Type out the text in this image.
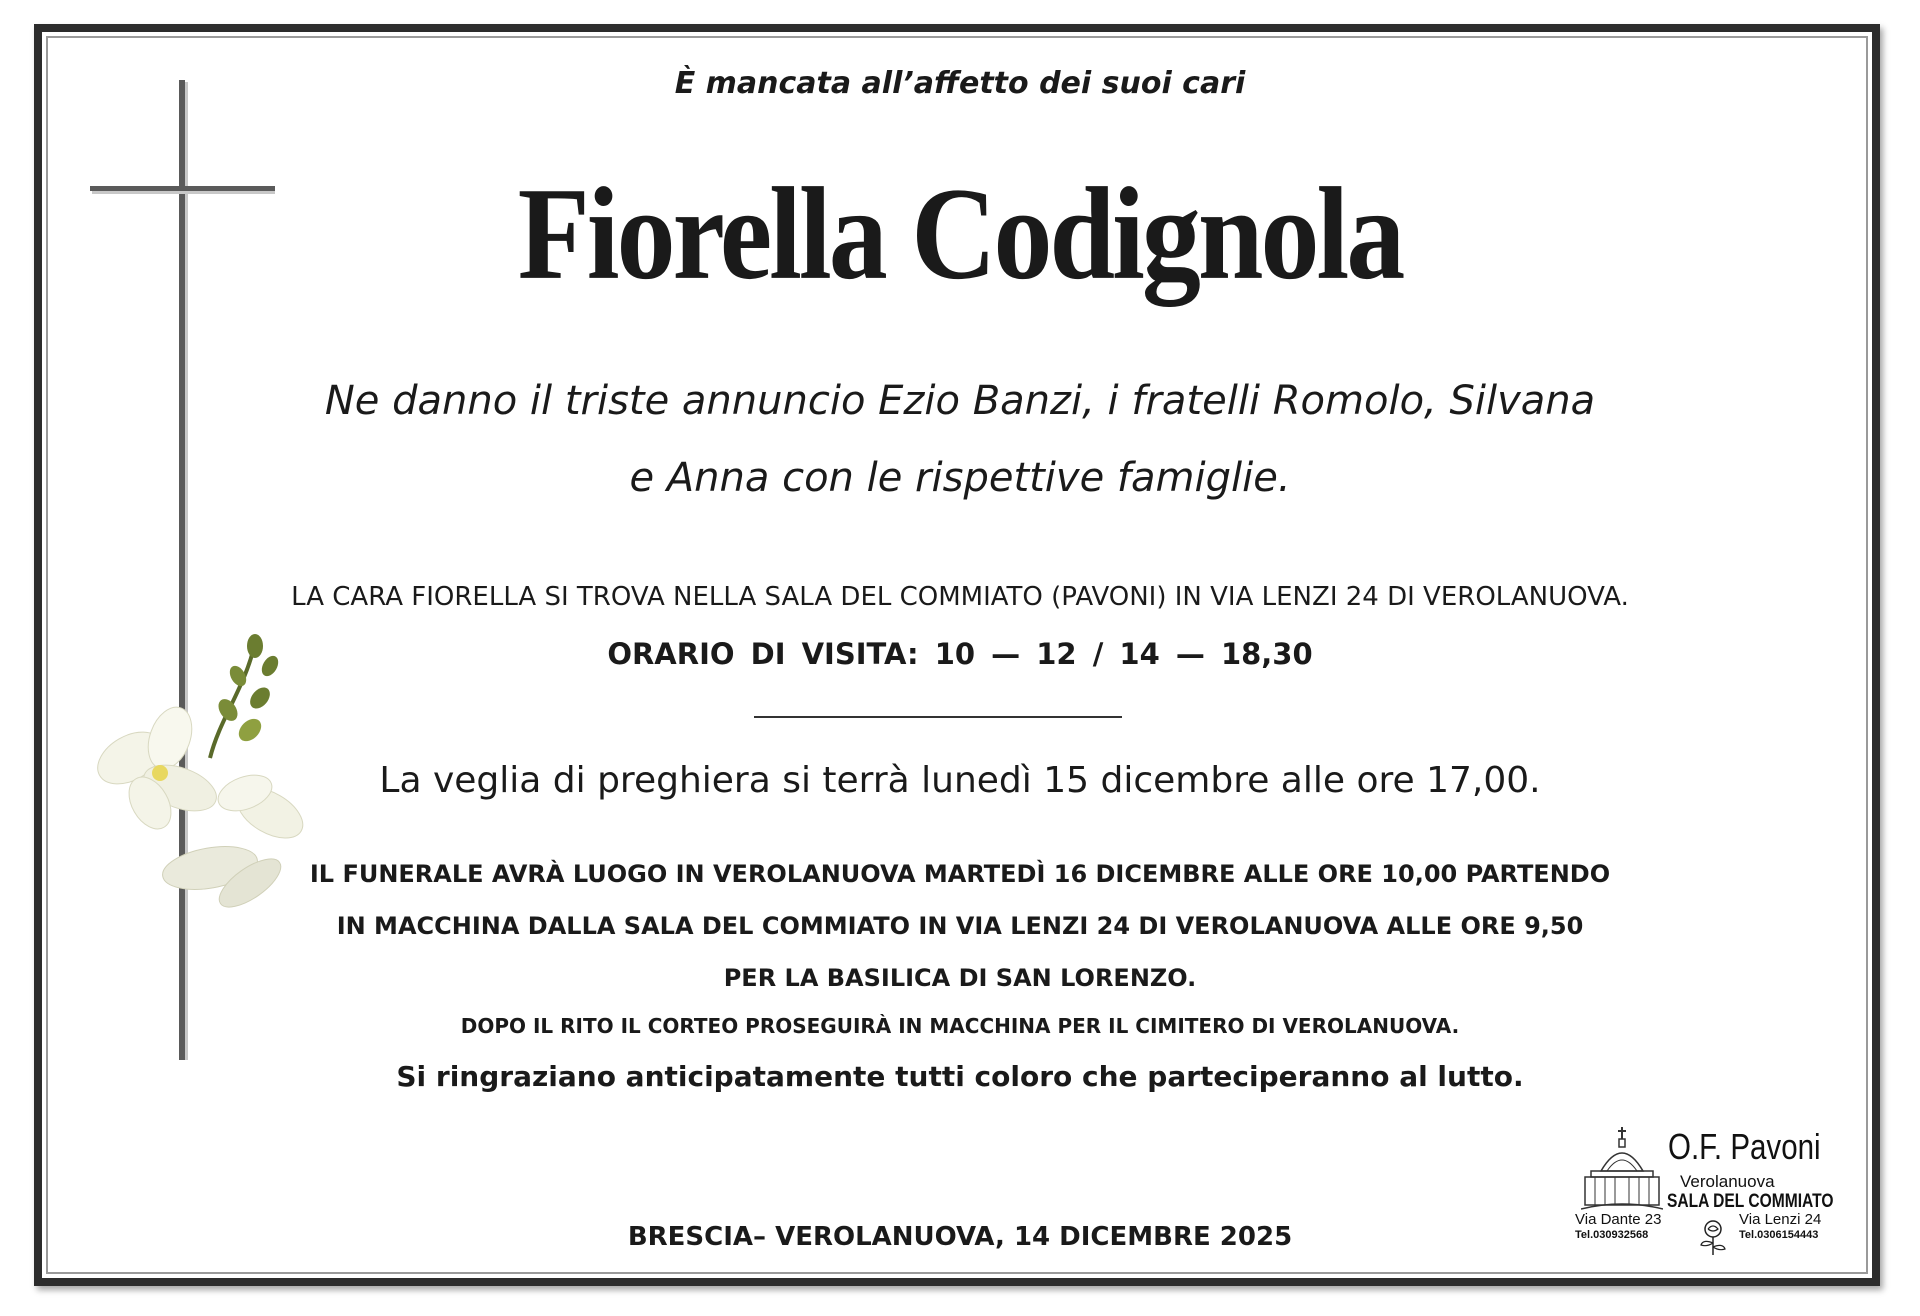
È mancata all’affetto dei suoi cari

Fiorella Codignola

Ne danno il triste annuncio Ezio Banzi, i fratelli Romolo, Silvana

e Anna con le rispettive famiglie.

LA CARA FIORELLA SI TROVA NELLA SALA DEL COMMIATO (PAVONI) IN VIA LENZI 24 DI VEROLANUOVA.

ORARIO DI VISITA: 10 — 12 / 14 — 18,30

La veglia di preghiera si terrà lunedì 15 dicembre alle ore 17,00.

IL FUNERALE AVRÀ LUOGO IN VEROLANUOVA MARTEDÌ 16 DICEMBRE ALLE ORE 10,00 PARTENDO

IN MACCHINA DALLA SALA DEL COMMIATO IN VIA LENZI 24 DI VEROLANUOVA ALLE ORE 9,50

PER LA BASILICA DI SAN LORENZO.

DOPO IL RITO IL CORTEO PROSEGUIRÀ IN MACCHINA PER IL CIMITERO DI VEROLANUOVA.

Si ringraziano anticipatamente tutti coloro che parteciperanno al lutto.

BRESCIA– VEROLANUOVA, 14 DICEMBRE 2025

O.F. Pavoni
Verolanuova
SALA DEL COMMIATO
Via Dante 23
Tel.030932568
Via Lenzi 24
Tel.0306154443
